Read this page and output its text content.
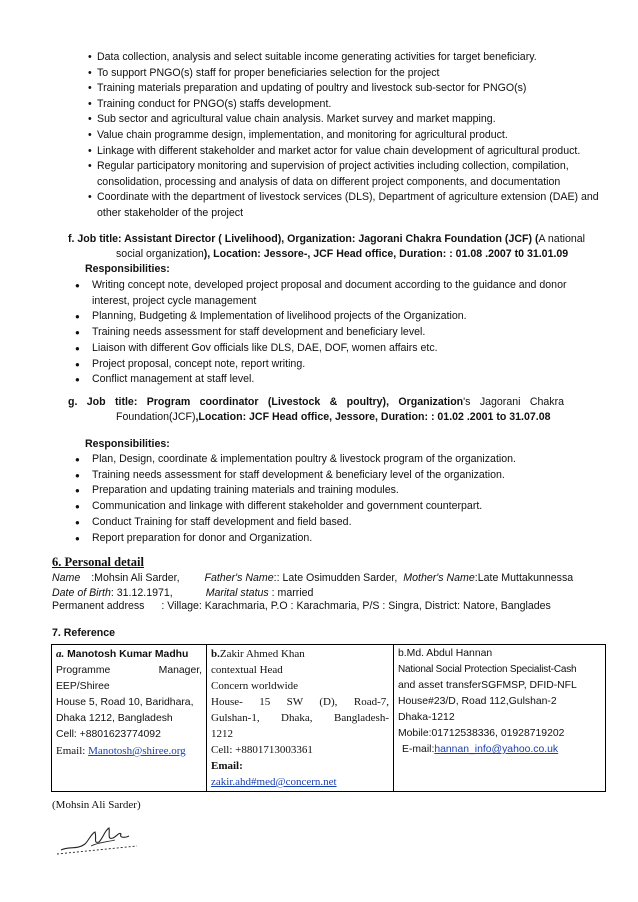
• Data collection, analysis and select suitable income generating activities for target beneficiary.
• To support PNGO(s) staff for proper beneficiaries selection for the project
• Training materials preparation and updating of poultry and livestock sub-sector for PNGO(s)
• Training conduct for PNGO(s) staffs development.
• Sub sector and agricultural value chain analysis. Market survey and market mapping.
• Value chain programme design, implementation, and monitoring for agricultural product.
• Linkage with different stakeholder and market actor for value chain development of agricultural product.
• Regular participatory monitoring and supervision of project activities including collection, compilation, consolidation, processing and analysis of data on different project components, and documentation
• Coordinate with the department of livestock services (DLS), Department of agriculture extension (DAE) and other stakeholder of the project
f. Job title: Assistant Director ( Livelihood), Organization: Jagorani Chakra Foundation (JCF) (A national
social organization), Location: Jessore-, JCF Head office, Duration: : 01.08 .2007 t0 31.01.09
Responsibilities:
● Writing concept note, developed project proposal and document according to the guidance and donor interest, project cycle management
● Planning, Budgeting & Implementation of livelihood projects of the Organization.
● Training needs assessment for staff development and beneficiary level.
● Liaison with different Gov officials like DLS, DAE, DOF, women affairs etc.
● Project proposal, concept note, report writing.
● Conflict management at staff level.
g. Job title: Program coordinator (Livestock & poultry), Organization's Jagorani Chakra
Foundation(JCF),Location: JCF Head office, Jessore, Duration: : 01.02 .2001 to 31.07.08
Responsibilities:
● Plan, Design, coordinate & implementation poultry & livestock program of the organization.
● Training needs assessment for staff development & beneficiary level of the organization.
● Preparation and updating training materials and training modules.
● Communication and linkage with different stakeholder and government counterpart.
● Conduct Training for staff development and field based.
● Report preparation for donor and Organization.
6. Personal detail
Name :Mohsin Ali Sarder, Father's Name:: Late Osimudden Sarder, Mother's Name:Late Muttakunnessa
Date of Birth: 31.12.1971,	Marital status : married
Permanent address : Village: Karachmaria, P.O : Karachmaria, P/S : Singra, District: Natore, Banglades
7. Reference
a. Manotosh Kumar Madhu
Programme	Manager,
EEP/Shiree
House 5, Road 10, Baridhara,
Dhaka 1212, Bangladesh
Cell: +8801623774092
Email: Manotosh@shiree.org

b.Zakir Ahmed Khan
contextual Head
Concern worldwide
House- 15 SW (D), Road-7,
Gulshan-1, Dhaka, Bangladesh-
1212
Cell: +8801713003361
Email:
zakir.ahd#med@concern.net

b.Md. Abdul Hannan
National Social Protection Specialist-Cash
and asset transferSGFMSP, DFID-NFL
House#23/D, Road 112,Gulshan-2
Dhaka-1212
Mobile:01712538336, 01928719202
E-mail:hannan_info@yahoo.co.uk
(Mohsin Ali Sarder)
